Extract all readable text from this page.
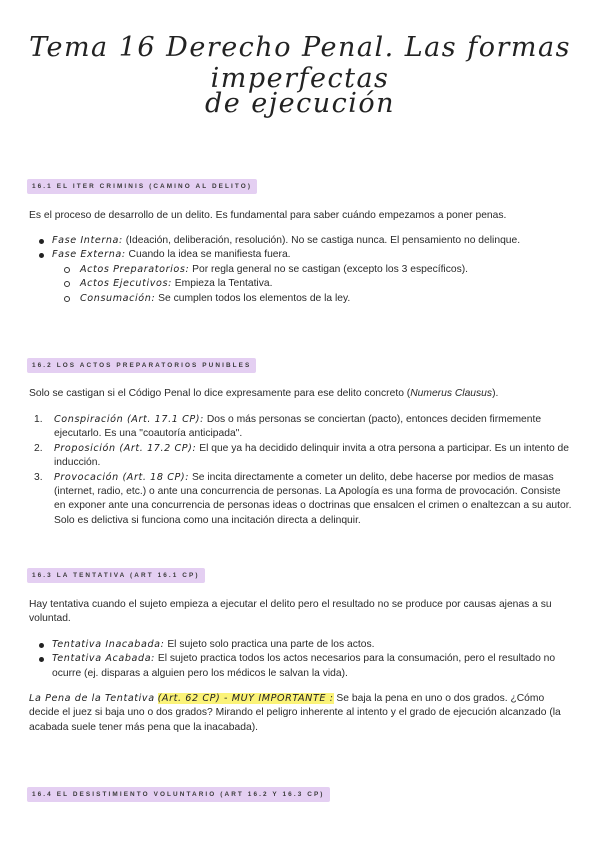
Tema 16 Derecho Penal. Las formas imperfectas
de ejecución
16.1 EL ITER CRIMINIS (CAMINO AL DELITO)

Es el proceso de desarrollo de un delito. Es fundamental para saber cuándo empezamos a poner penas.

Fase Interna: (Ideación, deliberación, resolución). No se castiga nunca. El pensamiento no delinque.
Fase Externa: Cuando la idea se manifiesta fuera.
Actos Preparatorios: Por regla general no se castigan (excepto los 3 específicos).
Actos Ejecutivos: Empieza la Tentativa.
Consumación: Se cumplen todos los elementos de la ley.
16.2 LOS ACTOS PREPARATORIOS PUNIBLES

Solo se castigan si el Código Penal lo dice expresamente para ese delito concreto (Numerus Clausus).

1. Conspiración (Art. 17.1 CP): Dos o más personas se conciertan (pacto), entonces deciden firmemente ejecutarlo. Es una "coautoría anticipada".
2. Proposición (Art. 17.2 CP): El que ya ha decidido delinquir invita a otra persona a participar. Es un intento de inducción.
3. Provocación (Art. 18 CP): Se incita directamente a cometer un delito, debe hacerse por medios de masas (internet, radio, etc.) o ante una concurrencia de personas. La Apología es una forma de provocación. Consiste en exponer ante una concurrencia de personas ideas o doctrinas que ensalcen el crimen o enaltezcan a su autor. Solo es delictiva si funciona como una incitación directa a delinquir.
16.3 LA TENTATIVA (ART 16.1 CP)

Hay tentativa cuando el sujeto empieza a ejecutar el delito pero el resultado no se produce por causas ajenas a su voluntad.

Tentativa Inacabada: El sujeto solo practica una parte de los actos.
Tentativa Acabada: El sujeto practica todos los actos necesarios para la consumación, pero el resultado no ocurre (ej. disparas a alguien pero los médicos le salvan la vida).

La Pena de la Tentativa (Art. 62 CP) - MUY IMPORTANTE : Se baja la pena en uno o dos grados. ¿Cómo decide el juez si baja uno o dos grados? Mirando el peligro inherente al intento y el grado de ejecución alcanzado (la acabada suele tener más pena que la inacabada).

16.4 EL DESISTIMIENTO VOLUNTARIO (ART 16.2 Y 16.3 CP)
